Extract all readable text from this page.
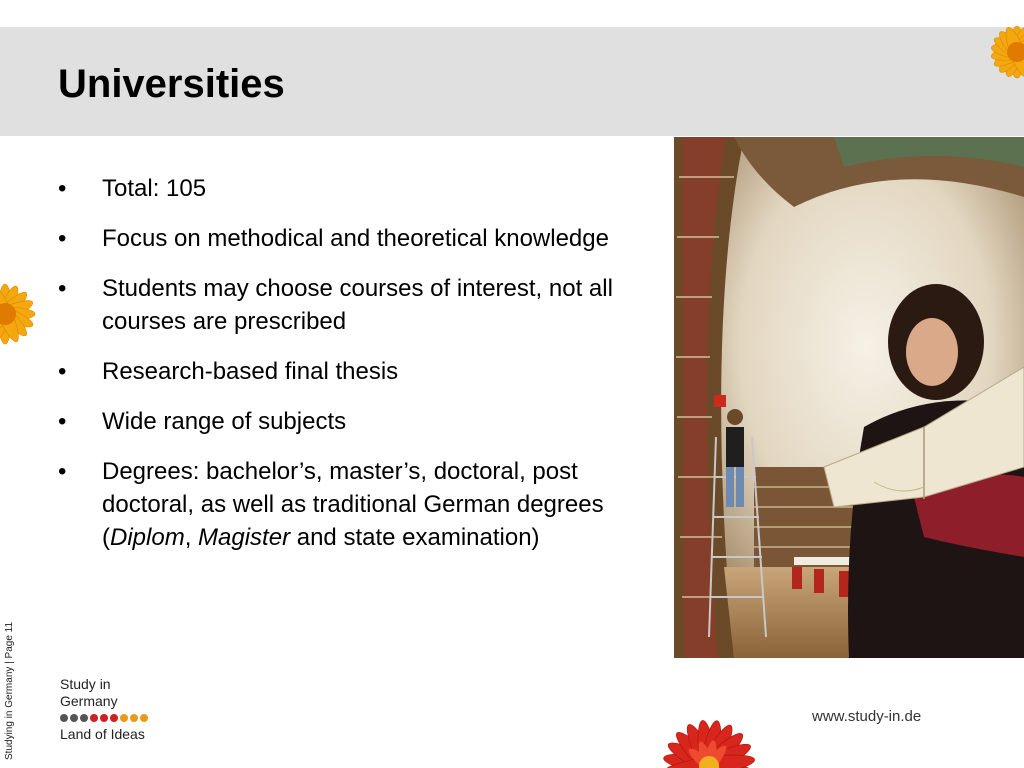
Universities
•	Total: 105
•	Focus on methodical and theoretical knowledge
•	Students may choose courses of interest, not all courses are prescribed
•	Research-based final thesis
•	Wide range of subjects
•	Degrees: bachelor’s, master’s, doctoral, post doctoral, as well as traditional German degrees (Diplom, Magister and state examination)
Studying in Germany | Page 11	Study in
Germany
Land of Ideas
www.study-in.de
